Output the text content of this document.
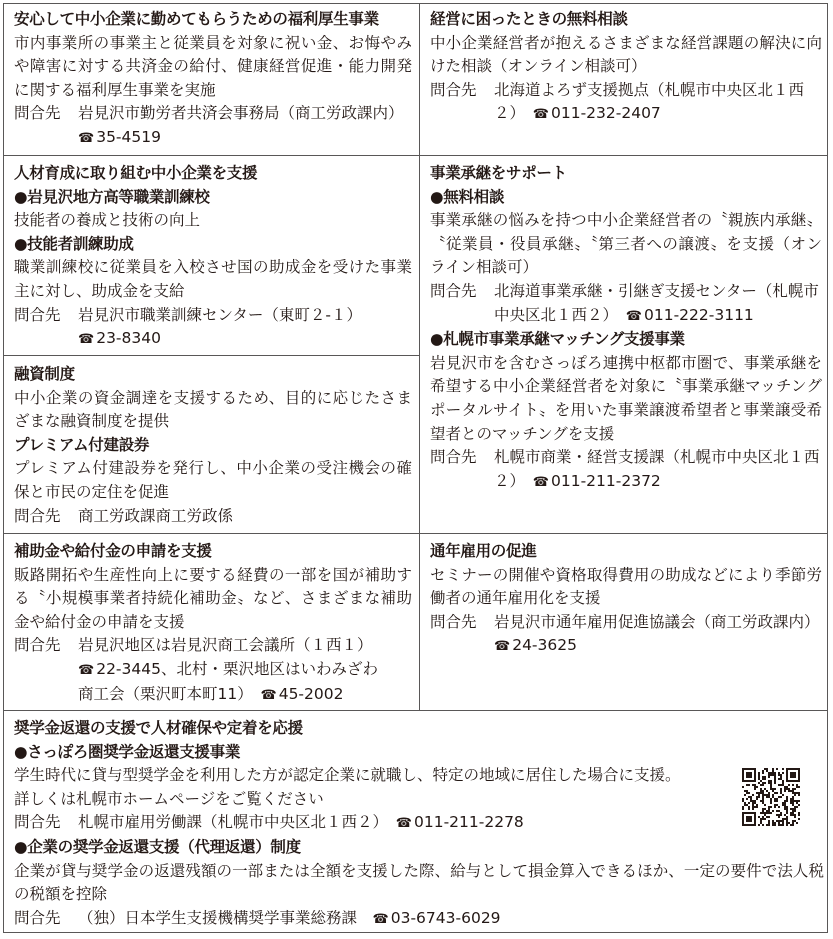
安心して中小企業に勤めてもらうための福利厚生事業
市内事業所の事業主と従業員を対象に祝い金、お悔やみや障害に対する共済金の給付、健康経営促進・能力開発に関する福利厚生事業を実施
問合先	岩見沢市勤労者共済会事務局（商工労政課内）
☎ 35-4519
経営に困ったときの無料相談
中小企業経営者が抱えるさまざまな経営課題の解決に向けた相談（オンライン相談可）
問合先	北海道よろず支援拠点（札幌市中央区北１西２）　 ☎ 011-232-2407
人材育成に取り組む中小企業を支援
●岩見沢地方高等職業訓練校
技能者の養成と技術の向上
●技能者訓練助成
職業訓練校に従業員を入校させ国の助成金を受けた事業主に対し、助成金を支給
問合先	岩見沢市職業訓練センター（東町２-１）
☎ 23-8340
事業承継をサポート
●無料相談
事業承継の悩みを持つ中小企業経営者の〝親族内承継〟〝従業員・役員承継〟〝第三者への譲渡〟を支援（オンライン相談可）
問合先	北海道事業承継・引継ぎ支援センター（札幌市中央区北１西２）　 ☎ 011-222-3111
●札幌市事業承継マッチング支援事業
岩見沢市を含むさっぽろ連携中枢都市圏で、事業承継を希望する中小企業経営者を対象に〝事業承継マッチングポータルサイト〟を用いた事業譲渡希望者と事業譲受希望者とのマッチングを支援
問合先	札幌市商業・経営支援課（札幌市中央区北１西２）　 ☎ 011-211-2372
融資制度
中小企業の資金調達を支援するため、目的に応じたさまざまな融資制度を提供
プレミアム付建設券
プレミアム付建設券を発行し、中小企業の受注機会の確保と市民の定住を促進
問合先	商工労政課商工労政係
補助金や給付金の申請を支援
販路開拓や生産性向上に要する経費の一部を国が補助する〝小規模事業者持続化補助金〟など、さまざまな補助金や給付金の申請を支援
問合先	岩見沢地区は岩見沢商工会議所（１西１）
☎ 22-3445、北村・栗沢地区はいわみざわ
商工会（栗沢町本町11）　 ☎ 45-2002
通年雇用の促進
セミナーの開催や資格取得費用の助成などにより季節労働者の通年雇用化を支援
問合先	岩見沢市通年雇用促進協議会（商工労政課内）　☎ 24-3625
奨学金返還の支援で人材確保や定着を応援
●さっぽろ圏奨学金返還支援事業
学生時代に貸与型奨学金を利用した方が認定企業に就職し、特定の地域に居住した場合に支援。
詳しくは札幌市ホームページをご覧ください
問合先	札幌市雇用労働課（札幌市中央区北１西２）　 ☎ 011-211-2278
●企業の奨学金返還支援（代理返還）制度
企業が貸与奨学金の返還残額の一部または全額を支援した際、給与として損金算入できるほか、一定の要件で法人税の税額を控除
問合先	（独）日本学生支援機構奨学事業総務課　 ☎ 03-6743-6029
